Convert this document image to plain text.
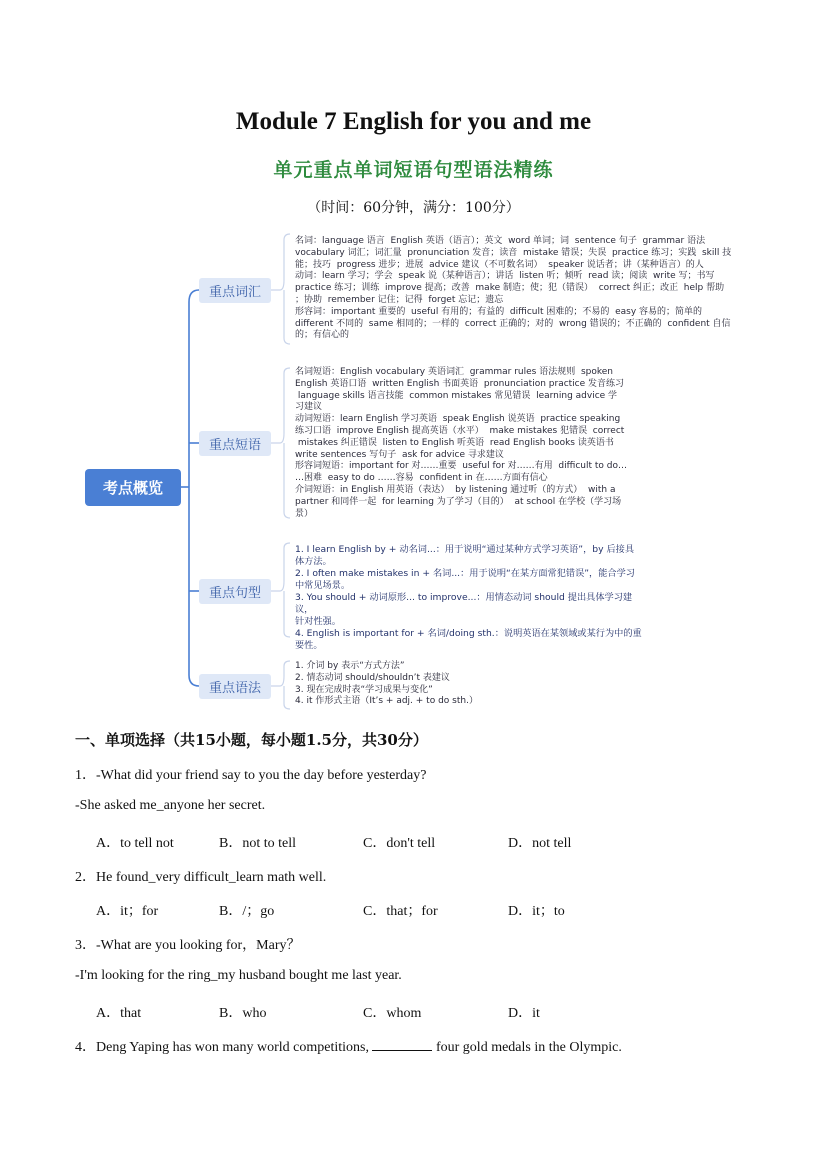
Module 7 English for you and me
单元重点单词短语句型语法精练
（时间：60分钟，满分：100分）
考点概览
重点词汇
重点短语
重点句型
重点语法
名词：language 语言  English 英语（语言）；英文  word 单词；词  sentence 句子  grammar 语法
vocabulary 词汇；词汇量  pronunciation 发音；读音  mistake 错误；失误  practice 练习；实践  skill 技
能；技巧  progress 进步；进展  advice 建议（不可数名词）  speaker 说话者；讲（某种语言）的人
动词：learn 学习；学会  speak 说（某种语言）；讲话  listen 听；倾听  read 读；阅读  write 写；书写
practice 练习；训练  improve 提高；改善  make 制造；使；犯（错误）  correct 纠正；改正  help 帮助
；协助  remember 记住；记得  forget 忘记；遗忘
形容词：important 重要的  useful 有用的；有益的  difficult 困难的；不易的  easy 容易的；简单的
different 不同的  same 相同的；一样的  correct 正确的；对的  wrong 错误的；不正确的  confident 自信
的；有信心的
名词短语：English vocabulary 英语词汇  grammar rules 语法规则  spoken
English 英语口语  written English 书面英语  pronunciation practice 发音练习
language skills 语言技能  common mistakes 常见错误  learning advice 学
习建议
动词短语：learn English 学习英语  speak English 说英语  practice speaking
练习口语  improve English 提高英语（水平）  make mistakes 犯错误  correct
mistakes 纠正错误  listen to English 听英语  read English books 读英语书
write sentences 写句子  ask for advice 寻求建议
形容词短语：important for 对……重要  useful for 对……有用  difficult to do…
…困难  easy to do ……容易  confident in 在……方面有信心
介词短语：in English 用英语（表达）  by listening 通过听（的方式）  with a
partner 和同伴一起  for learning 为了学习（目的）  at school 在学校（学习场
景）
1. I learn English by + 动名词...：用于说明“通过某种方式学习英语”，by 后接具
体方法。
2. I often make mistakes in + 名词...：用于说明“在某方面常犯错误”，能合学习
中常见场景。
3. You should + 动词原形... to improve...：用情态动词 should 提出具体学习建议，
针对性强。
4. English is important for + 名词/doing sth.：说明英语在某领域或某行为中的重
要性。
1. 介词 by 表示“方式方法”
2. 情态动词 should/shouldn’t 表建议
3. 现在完成时表“学习成果与变化”
4. it 作形式主语（It’s + adj. + to do sth.）
一、单项选择（共15小题，每小题1.5分，共30分）
1．-What did your friend say to you the day before yesterday?
-She asked me_anyone her secret.
A．to tell not	B．not to tell	C．don't tell	D．not tell
2．He found_very difficult_learn math well.
A．it；for	B．/；go	C．that；for	D．it；to
3．-What are you looking for，Mary？
-I'm looking for the ring_my husband bought me last year.
A．that	B．who	C．whom	D．it
4．Deng Yaping has won many world competitions,	four gold medals in the Olympic.
